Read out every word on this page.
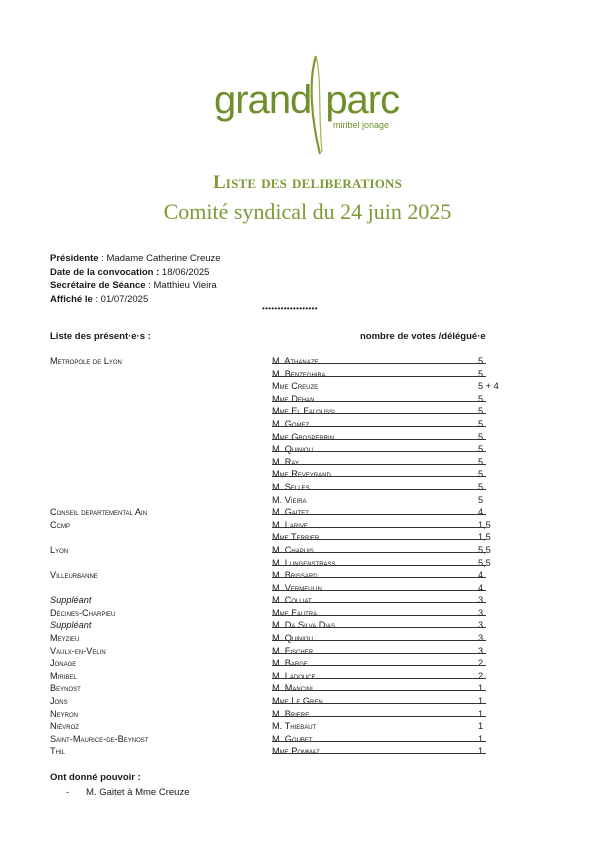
grand parc
miribel jonage
Liste des deliberations
Comité syndical du 24 juin 2025
Présidente : Madame Catherine Creuze
Date de la convocation : 18/06/2025
Secrétaire de Séance : Matthieu Vieira
Affiché le : 01/07/2025
••••••••••••••••••
Liste des présent·e·s :	nombre de votes /délégué·e
Metropole de Lyon	M. Athanaze	5
M. Benzeghiba	5
Mme Creuze	5 + 4
Mme Dehan	5
Mme El Faloussi	5
M. Gomez	5
Mme Grosperrin	5
M. Quiniou	5
M. Ray	5
Mme Reveyrand	5
M. Selles	5
M. Vieira	5
Conseil departemental Ain	M. Gaitet	4
Ccmp	M. Larive	1,5
Mme Terrier	1,5
Lyon	M. Chapuis	5,5
M. Lungenstrass	5,5
Villeurbanne	M. Brissard	4
M. Vermeulin	4
Suppléant	M. Colliat	3
Décines-Charpieu	Mme Fautra	3
Suppléant	M. Da Silva Dias	3
Meyzieu	M. Quiniou	3
Vaulx-en-Velin	M. Fischer	3
Jonage	M. Barge	2
Miribel	M. Ladouce	2
Beynost	M. Mancini	1
Jons	Mme Le Gren	1
Neyron	M. Briere	1
Niévroz	M. Thiebaut	1
Saint-Maurice-de-Beynost	M. Goubet	1
Thil	Mme Pommaz	1
Ont donné pouvoir :
- M. Gaitet à Mme Creuze
